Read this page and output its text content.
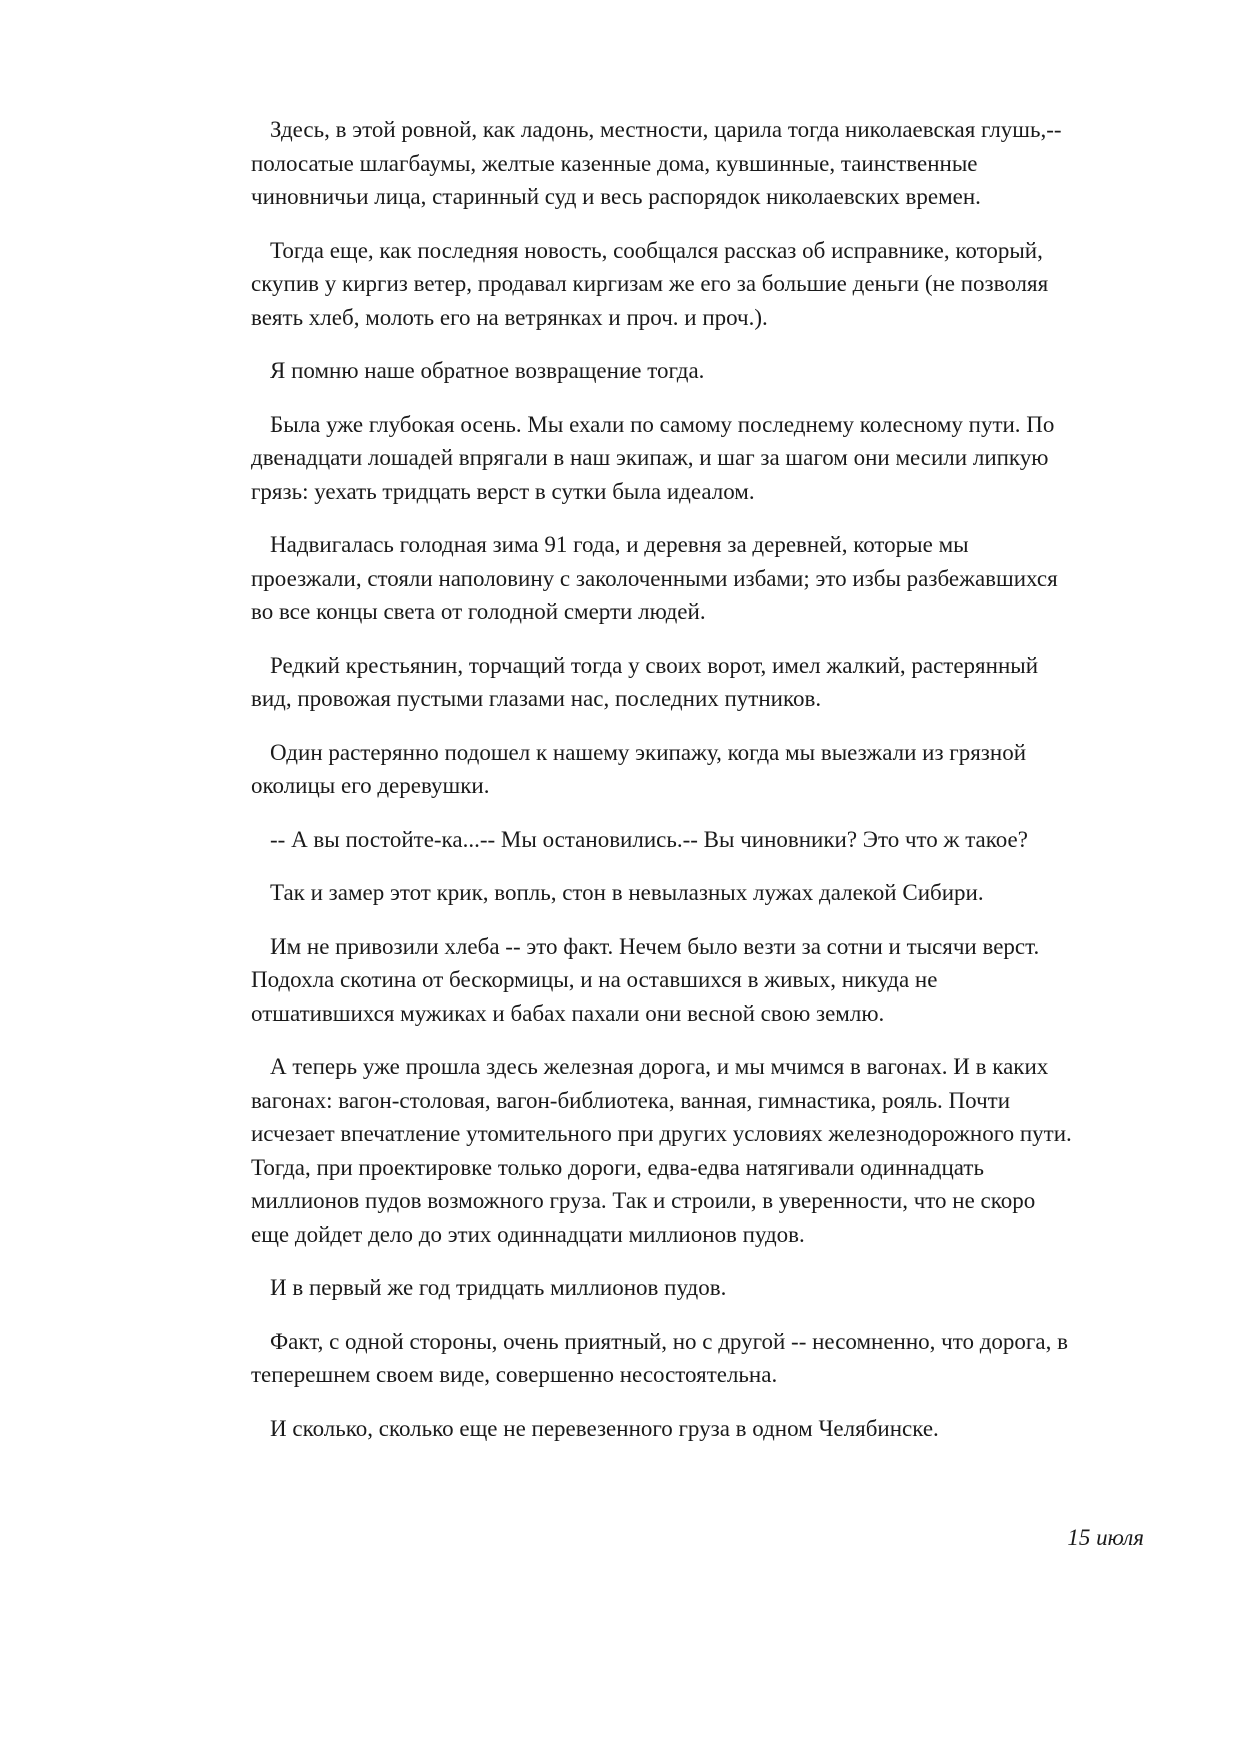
Здесь, в этой ровной, как ладонь, местности, царила тогда николаевская глушь,--
полосатые шлагбаумы, желтые казенные дома, кувшинные, таинственные
чиновничьи лица, старинный суд и весь распорядок николаевских времен.

Тогда еще, как последняя новость, сообщался рассказ об исправнике, который,
скупив у киргиз ветер, продавал киргизам же его за большие деньги (не позволяя
веять хлеб, молоть его на ветрянках и проч. и проч.).

Я помню наше обратное возвращение тогда.

Была уже глубокая осень. Мы ехали по самому последнему колесному пути. По
двенадцати лошадей впрягали в наш экипаж, и шаг за шагом они месили липкую
грязь: уехать тридцать верст в сутки была идеалом.

Надвигалась голодная зима 91 года, и деревня за деревней, которые мы
проезжали, стояли наполовину с заколоченными избами; это избы разбежавшихся
во все концы света от голодной смерти людей.

Редкий крестьянин, торчащий тогда у своих ворот, имел жалкий, растерянный
вид, провожая пустыми глазами нас, последних путников.

Один растерянно подошел к нашему экипажу, когда мы выезжали из грязной
околицы его деревушки.

-- А вы постойте-ка...-- Мы остановились.-- Вы чиновники? Это что ж такое?

Так и замер этот крик, вопль, стон в невылазных лужах далекой Сибири.

Им не привозили хлеба -- это факт. Нечем было везти за сотни и тысячи верст.
Подохла скотина от бескормицы, и на оставшихся в живых, никуда не
отшатившихся мужиках и бабах пахали они весной свою землю.

А теперь уже прошла здесь железная дорога, и мы мчимся в вагонах. И в каких
вагонах: вагон-столовая, вагон-библиотека, ванная, гимнастика, рояль. Почти
исчезает впечатление утомительного при других условиях железнодорожного пути.
Тогда, при проектировке только дороги, едва-едва натягивали одиннадцать
миллионов пудов возможного груза. Так и строили, в уверенности, что не скоро
еще дойдет дело до этих одиннадцати миллионов пудов.

И в первый же год тридцать миллионов пудов.

Факт, с одной стороны, очень приятный, но с другой -- несомненно, что дорога, в
теперешнем своем виде, совершенно несостоятельна.

И сколько, сколько еще не перевезенного груза в одном Челябинске.

15 июля
